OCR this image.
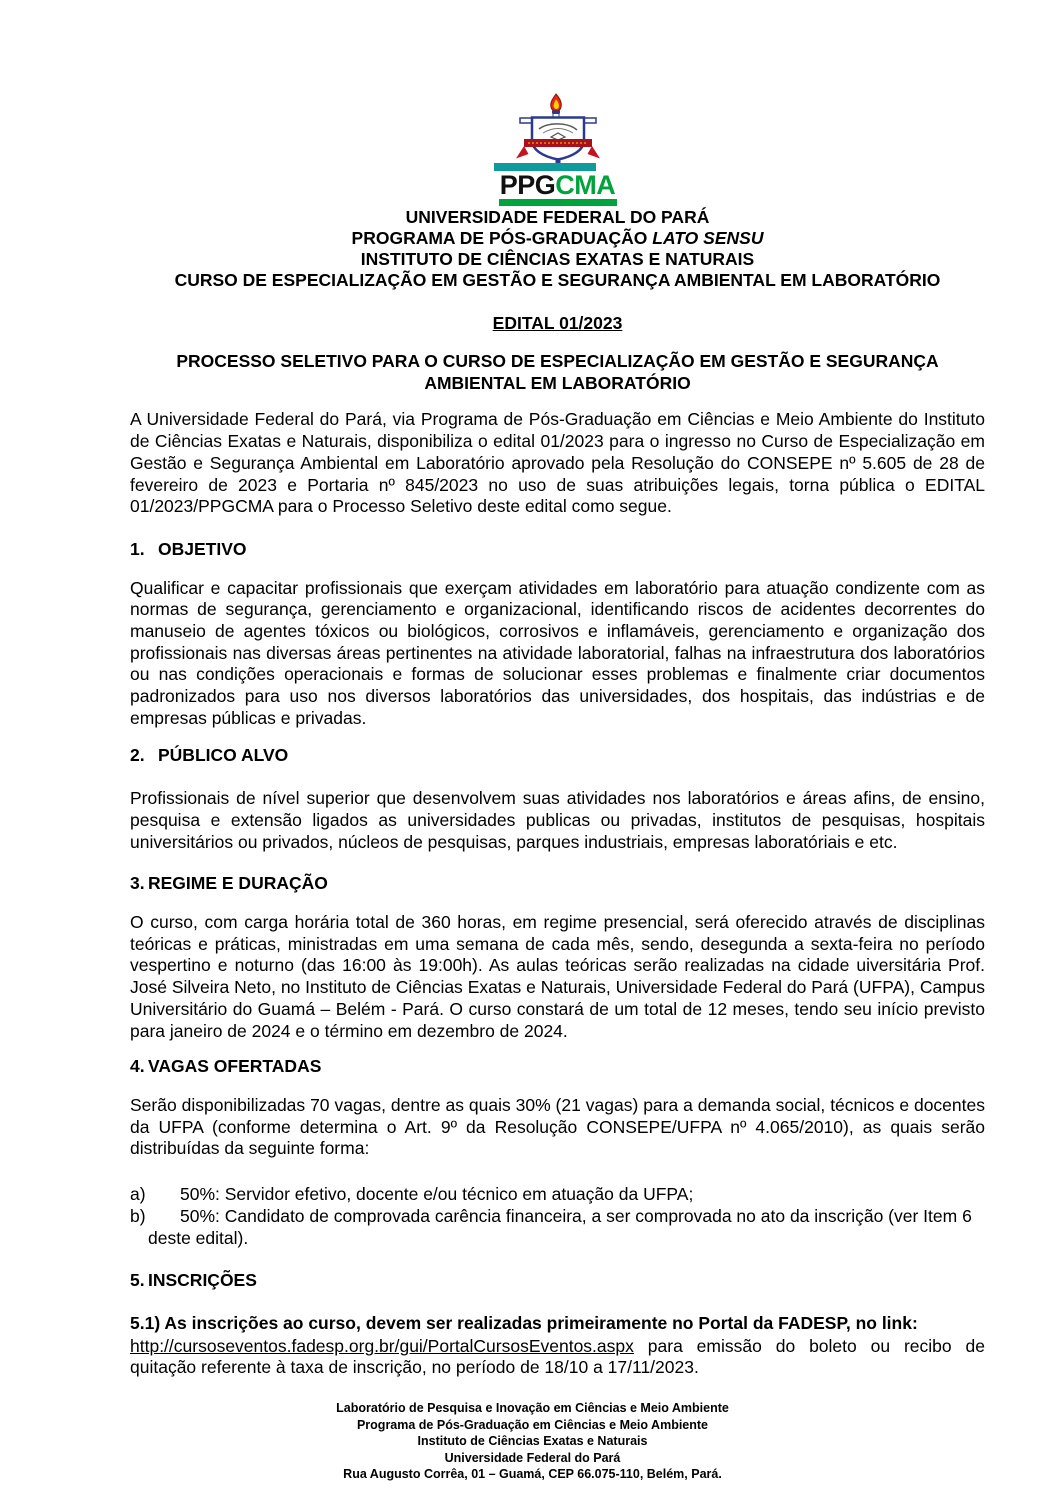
PPGCMA
UNIVERSIDADE FEDERAL DO PARÁ
PROGRAMA DE PÓS-GRADUAÇÃO LATO SENSU
INSTITUTO DE CIÊNCIAS EXATAS E NATURAIS
CURSO DE ESPECIALIZAÇÃO EM GESTÃO E SEGURANÇA AMBIENTAL EM LABORATÓRIO
EDITAL 01/2023
PROCESSO SELETIVO PARA O CURSO DE ESPECIALIZAÇÃO EM GESTÃO E SEGURANÇA AMBIENTAL EM LABORATÓRIO

A Universidade Federal do Pará, via Programa de Pós-Graduação em Ciências e Meio Ambiente do Instituto de Ciências Exatas e Naturais, disponibiliza o edital 01/2023 para o ingresso no Curso de Especialização em Gestão e Segurança Ambiental em Laboratório aprovado pela Resolução do CONSEPE nº 5.605 de 28 de fevereiro de 2023 e Portaria nº 845/2023 no uso de suas atribuições legais, torna pública o EDITAL 01/2023/PPGCMA para o Processo Seletivo deste edital como segue.

1. OBJETIVO

Qualificar e capacitar profissionais que exerçam atividades em laboratório para atuação condizente com as normas de segurança, gerenciamento e organizacional, identificando riscos de acidentes decorrentes do manuseio de agentes tóxicos ou biológicos, corrosivos e inflamáveis, gerenciamento e organização dos profissionais nas diversas áreas pertinentes na atividade laboratorial, falhas na infraestrutura dos laboratórios ou nas condições operacionais e formas de solucionar esses problemas e finalmente criar documentos padronizados para uso nos diversos laboratórios das universidades, dos hospitais, das indústrias e de empresas públicas e privadas.

2. PÚBLICO ALVO

Profissionais de nível superior que desenvolvem suas atividades nos laboratórios e áreas afins, de ensino, pesquisa e extensão ligados as universidades publicas ou privadas, institutos de pesquisas, hospitais universitários ou privados, núcleos de pesquisas, parques industriais, empresas laboratóriais e etc.

3. REGIME E DURAÇÃO

O curso, com carga horária total de 360 horas, em regime presencial, será oferecido através de disciplinas teóricas e práticas, ministradas em uma semana de cada mês, sendo, desegunda a sexta-feira no período vespertino e noturno (das 16:00 às 19:00h). As aulas teóricas serão realizadas na cidade uiversitária Prof. José Silveira Neto, no Instituto de Ciências Exatas e Naturais, Universidade Federal do Pará (UFPA), Campus Universitário do Guamá – Belém - Pará. O curso constará de um total de 12 meses, tendo seu início previsto para janeiro de 2024 e o término em dezembro de 2024.

4. VAGAS OFERTADAS

Serão disponibilizadas 70 vagas, dentre as quais 30% (21 vagas) para a demanda social, técnicos e docentes da UFPA (conforme determina o Art. 9º da Resolução CONSEPE/UFPA nº 4.065/2010), as quais serão distribuídas da seguinte forma:

a) 50%: Servidor efetivo, docente e/ou técnico em atuação da UFPA;
b) 50%: Candidato de comprovada carência financeira, a ser comprovada no ato da inscrição (ver Item 6 deste edital).
5. INSCRIÇÕES
5.1) As inscrições ao curso, devem ser realizadas primeiramente no Portal da FADESP, no link:

http://cursoseventos.fadesp.org.br/gui/PortalCursosEventos.aspx para emissão do boleto ou recibo de quitação referente à taxa de inscrição, no período de 18/10 a 17/11/2023.

Laboratório de Pesquisa e Inovação em Ciências e Meio Ambiente
Programa de Pós-Graduação em Ciências e Meio Ambiente
Instituto de Ciências Exatas e Naturais
Universidade Federal do Pará
Rua Augusto Corrêa, 01 – Guamá, CEP 66.075-110, Belém, Pará.
